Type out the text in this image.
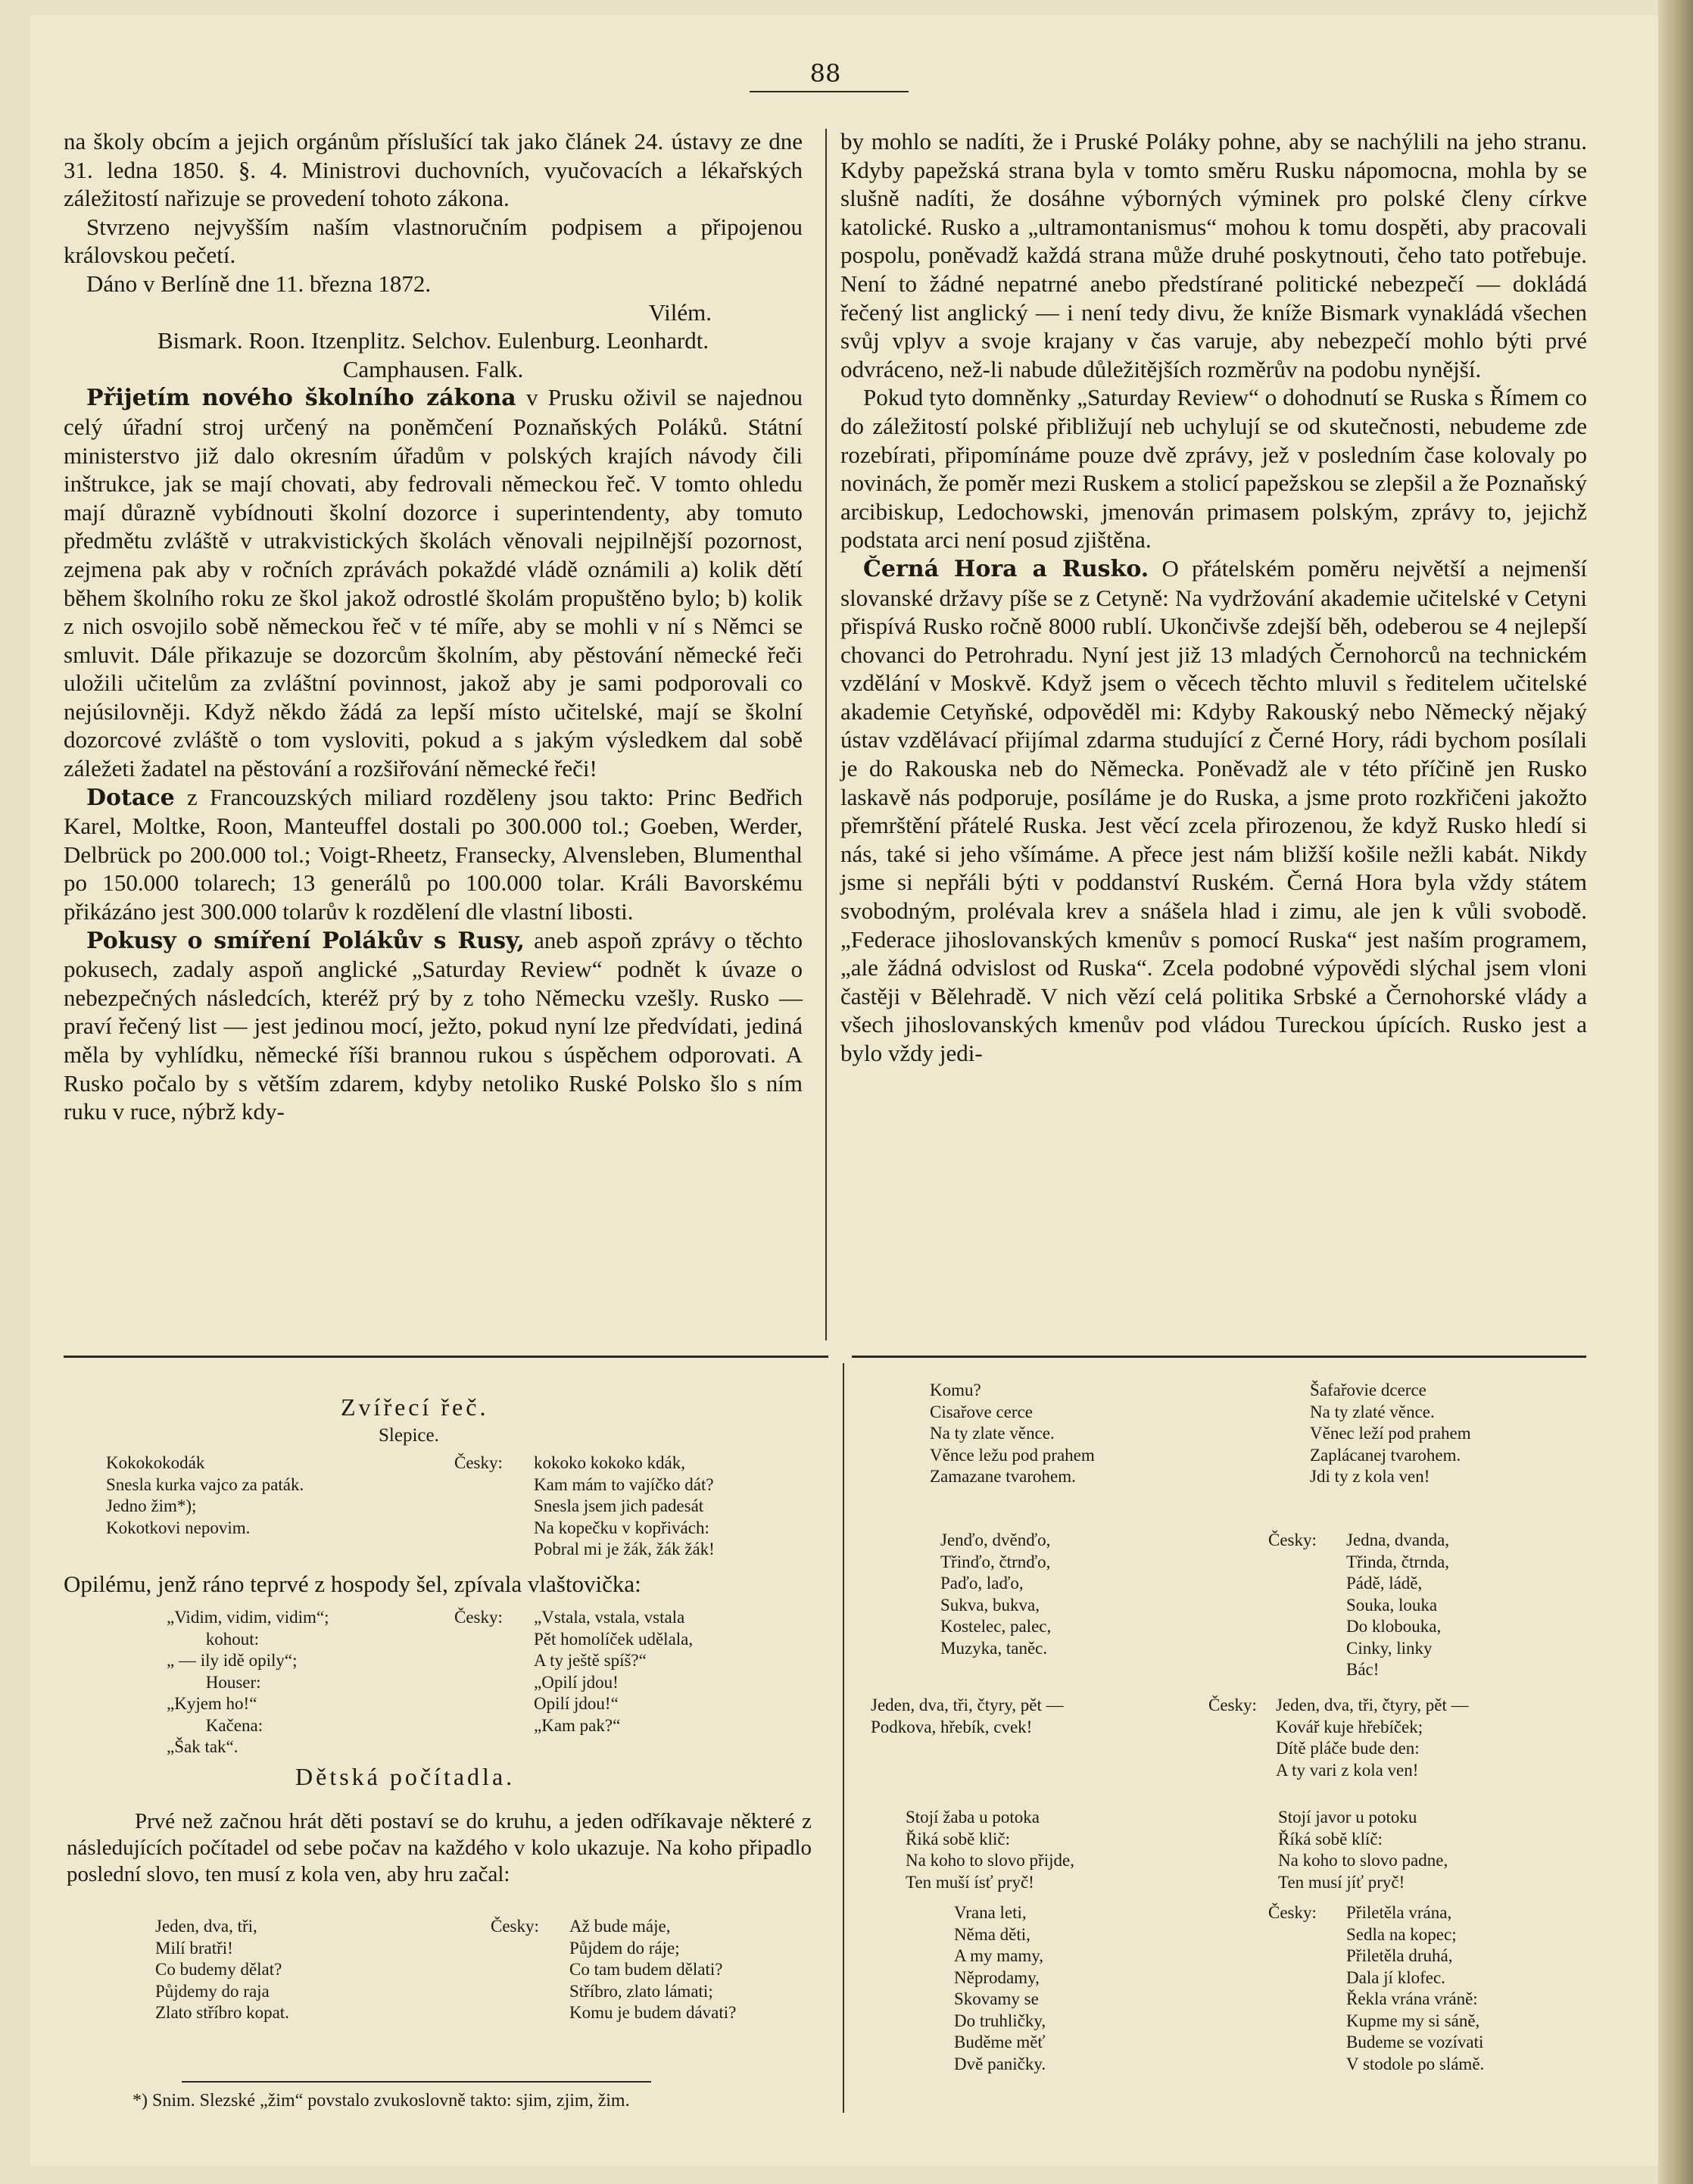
88

na školy obcím a jejich orgánům příslušící tak jako článek 24. ústavy ze dne 31. ledna 1850. §. 4. Ministrovi duchovních, vyučovacích a lékařských záležitostí nařizuje se provedení tohoto zákona.

Stvrzeno nejvyšším naším vlastnoručním podpisem a připojenou královskou pečetí.

Dáno v Berlíně dne 11. března 1872.

Vilém.

Bismark. Roon. Itzenplitz. Selchov. Eulenburg. Leonhardt.

Camphausen. Falk.

Přijetím nového školního zákona v Prusku oživil se najednou celý úřadní stroj určený na poněmčení Poznaňských Poláků. Státní ministerstvo již dalo okresním úřadům v polských krajích návody čili inštrukce, jak se mají chovati, aby fedrovali německou řeč. V tomto ohledu mají důrazně vybídnouti školní dozorce i superintendenty, aby tomuto předmětu zvláště v utrakvistických školách věnovali nejpilnější pozornost, zejmena pak aby v ročních zprávách pokaždé vládě oznámili a) kolik dětí během školního roku ze škol jakož odrostlé školám propuštěno bylo; b) kolik z nich osvojilo sobě německou řeč v té míře, aby se mohli v ní s Němci se smluvit. Dále přikazuje se dozorcům školním, aby pěstování německé řeči uložili učitelům za zvláštní povinnost, jakož aby je sami podporovali co nejúsilovněji. Když někdo žádá za lepší místo učitelské, mají se školní dozorcové zvláště o tom vysloviti, pokud a s jakým výsledkem dal sobě záležeti žadatel na pěstování a rozšiřování německé řeči!

Dotace z Francouzských miliard rozděleny jsou takto: Princ Bedřich Karel, Moltke, Roon, Manteuffel dostali po 300.000 tol.; Goeben, Werder, Delbrück po 200.000 tol.; Voigt-Rheetz, Fransecky, Alvensleben, Blumenthal po 150.000 tolarech; 13 generálů po 100.000 tolar. Králi Bavorskému přikázáno jest 300.000 tolarův k rozdělení dle vlastní libosti.

Pokusy o smíření Polákův s Rusy, aneb aspoň zprávy o těchto pokusech, zadaly aspoň anglické „Saturday Review“ podnět k úvaze o nebezpečných následcích, kteréž prý by z toho Německu vzešly. Rusko — praví řečený list — jest jedinou mocí, ježto, pokud nyní lze předvídati, jediná měla by vyhlídku, německé říši brannou rukou s úspěchem odporovati. A Rusko počalo by s větším zdarem, kdyby netoliko Ruské Polsko šlo s ním ruku v ruce, nýbrž kdy-

by mohlo se nadíti, že i Pruské Poláky pohne, aby se nachýlili na jeho stranu. Kdyby papežská strana byla v tomto směru Rusku nápomocna, mohla by se slušně nadíti, že dosáhne výborných výminek pro polské členy církve katolické. Rusko a „ultramontanismus“ mohou k tomu dospěti, aby pracovali pospolu, poněvadž každá strana může druhé poskytnouti, čeho tato potřebuje. Není to žádné nepatrné anebo předstírané politické nebezpečí — dokládá řečený list anglický — i není tedy divu, že kníže Bismark vynakládá všechen svůj vplyv a svoje krajany v čas varuje, aby nebezpečí mohlo býti prvé odvráceno, než-li nabude důležitějších rozměrův na podobu nynější.

Pokud tyto domněnky „Saturday Review“ o dohodnutí se Ruska s Římem co do záležitostí polské přibližují neb uchylují se od skutečnosti, nebudeme zde rozebírati, připomínáme pouze dvě zprávy, jež v posledním čase kolovaly po novinách, že poměr mezi Ruskem a stolicí papežskou se zlepšil a že Poznaňský arcibiskup, Ledochowski, jmenován primasem polským, zprávy to, jejichž podstata arci není posud zjištěna.

Černá Hora a Rusko. O přátelském poměru největší a nejmenší slovanské državy píše se z Cetyně: Na vydržování akademie učitelské v Cetyni přispívá Rusko ročně 8000 rublí. Ukončivše zdejší běh, odeberou se 4 nejlepší chovanci do Petrohradu. Nyní jest již 13 mladých Černohorců na technickém vzdělání v Moskvě. Když jsem o věcech těchto mluvil s ředitelem učitelské akademie Cetyňské, odpověděl mi: Kdyby Rakouský nebo Německý nějaký ústav vzdělávací přijímal zdarma studující z Černé Hory, rádi bychom posílali je do Rakouska neb do Německa. Poněvadž ale v této příčině jen Rusko laskavě nás podporuje, posíláme je do Ruska, a jsme proto rozkřičeni jakožto přemrštění přátelé Ruska. Jest věcí zcela přirozenou, že když Rusko hledí si nás, také si jeho všímáme. A přece jest nám bližší košile nežli kabát. Nikdy jsme si nepřáli býti v poddanství Ruském. Černá Hora byla vždy státem svobodným, prolévala krev a snášela hlad i zimu, ale jen k vůli svobodě. „Federace jihoslovanských kmenův s pomocí Ruska“ jest naším programem, „ale žádná odvislost od Ruska“. Zcela podobné výpovědi slýchal jsem vloni častěji v Bělehradě. V nich vězí celá politika Srbské a Černohorské vlády a všech jihoslovanských kmenův pod vládou Tureckou úpících. Rusko jest a bylo vždy jedi-

Zvířecí řeč.
Slepice.
Kokokokodák
Snesla kurka vajco za paták.
Jedno žim*);
Kokotkovi nepovim.
Česky: kokoko kokoko kdák,
Kam mám to vajíčko dát?
Snesla jsem jich padesát
Na kopečku v kopřivách:
Pobral mi je žák, žák žák!
Opilému, jenž ráno teprvé z hospody šel, zpívala vlaštovička:
„Vidim, vidim, vidim“;
kohout:
„ — ily idě opily“;
Houser:
„Kyjem ho!“
Kačena:
„Šak tak“.
Česky: „Vstala, vstala, vstala
Pět homolíček udělala,
A ty ještě spíš?“
„Opilí jdou!
Opilí jdou!“
„Kam pak?“
Dětská počítadla.
Prvé než začnou hrát děti postaví se do kruhu, a jeden odříkavaje některé z následujících počítadel od sebe počav na každého v kolo ukazuje. Na koho připadlo poslední slovo, ten musí z kola ven, aby hru začal:
Jeden, dva, tři,
Milí bratři!
Co budemy dělat?
Půjdemy do raja
Zlato stříbro kopat.
Česky: Až bude máje,
Půjdem do ráje;
Co tam budem dělati?
Stříbro, zlato lámati;
Komu je budem dávati?
*) Snim. Slezské „žim“ povstalo zvukoslovně takto: sjim, zjim, žim.
Komu?
Cisařove cerce
Na ty zlate věnce.
Věnce ležu pod prahem
Zamazane tvarohem.
Šafařovie dcerce
Na ty zlaté věnce.
Věnec leží pod prahem
Zaplácanej tvarohem.
Jdi ty z kola ven!
Jenďo, dvěnďo,
Třinďo, čtrnďo,
Paďo, laďo,
Sukva, bukva,
Kostelec, palec,
Muzyka, taněc.
Česky: Jedna, dvanda,
Třinda, čtrnda,
Pádě, ládě,
Souka, louka
Do klobouka,
Cinky, linky
Bác!
Jeden, dva, tři, čtyry, pět —
Podkova, hřebík, cvek!
Česky: Jeden, dva, tři, čtyry, pět —
Kovář kuje hřebíček;
Dítě pláče bude den:
A ty vari z kola ven!
Stojí žaba u potoka
Řiká sobě klič:
Na koho to slovo přijde,
Ten muší ísť pryč!
Stojí javor u potoku
Říká sobě klíč:
Na koho to slovo padne,
Ten musí jíť pryč!
Vrana leti,
Něma děti,
A my mamy,
Něprodamy,
Skovamy se
Do truhličky,
Buděme měť
Dvě paničky.
Česky: Přiletěla vrána,
Sedla na kopec;
Přiletěla druhá,
Dala jí klofec.
Řekla vrána vráně:
Kupme my si sáně,
Budeme se vozívati
V stodole po slámě.
